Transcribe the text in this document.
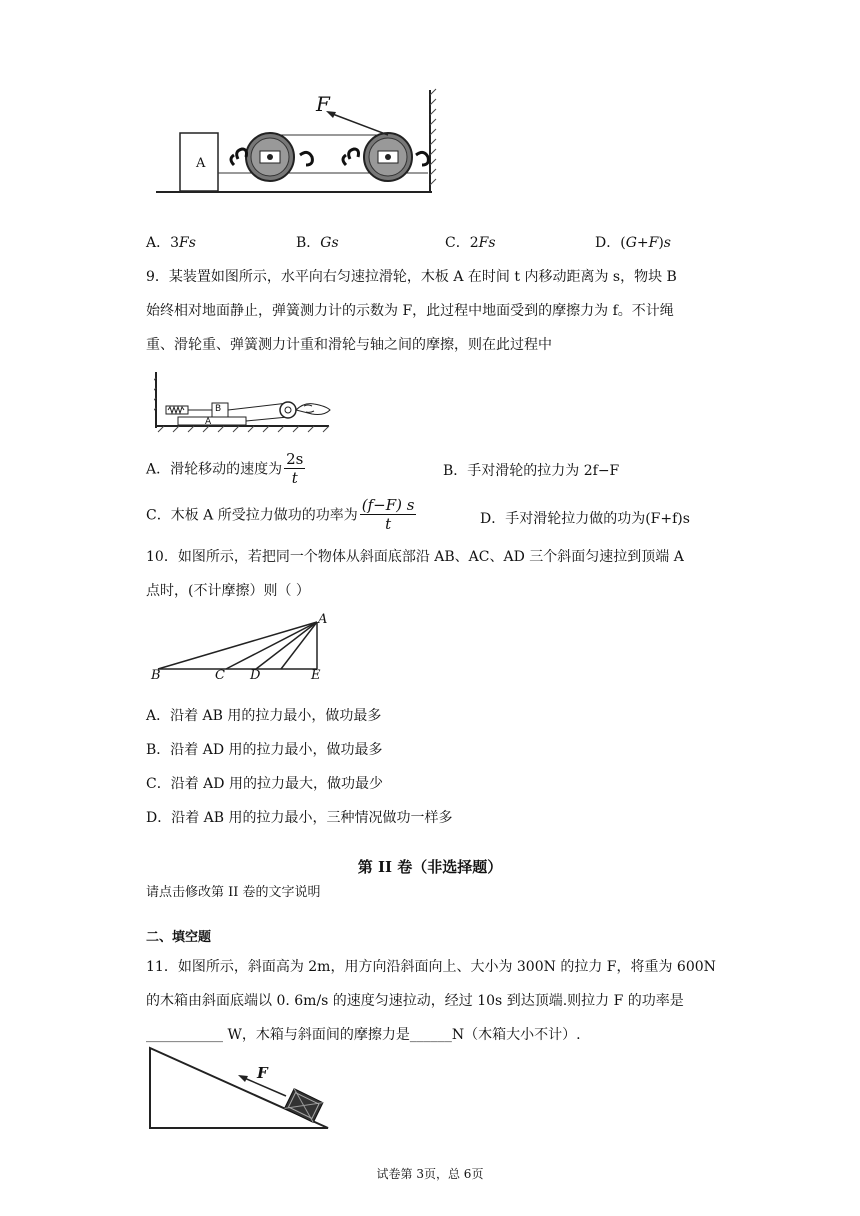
F
A
A．3Fs	B．Gs	C．2Fs	D．(G+F)s
9．某装置如图所示，水平向右匀速拉滑轮，木板 A 在时间 t 内移动距离为 s，物块 B
始终相对地面静止，弹簧测力计的示数为 F，此过程中地面受到的摩擦力为 f。不计绳
重、滑轮重、弹簧测力计重和滑轮与轴之间的摩擦，则在此过程中
B
A
A．滑轮移动的速度为 $\frac{2s}{t}$	B．手对滑轮的拉力为 2f−F
C．木板 A 所受拉力做功的功率为 $\frac{(f-F) s}{t}$	D．手对滑轮拉力做的功为(F+f)s
10．如图所示，若把同一个物体从斜面底部沿 AB、AC、AD 三个斜面匀速拉到顶端 A
点时，(不计摩擦）则（ ）
A
B	C D	E
A．沿着 AB 用的拉力最小，做功最多
B．沿着 AD 用的拉力最小，做功最多
C．沿着 AD 用的拉力最大，做功最少
D．沿着 AB 用的拉力最小，三种情况做功一样多
第 II 卷（非选择题）
请点击修改第 II 卷的文字说明
二、填空题
11．如图所示，斜面高为 2m，用方向沿斜面向上、大小为 300N 的拉力 F，将重为 600N
的木箱由斜面底端以 0. 6m/s 的速度匀速拉动，经过 10s 到达顶端.则拉力 F 的功率是
___________ W，木箱与斜面间的摩擦力是______N（木箱大小不计）.
F
试卷第 3页，总 6页
